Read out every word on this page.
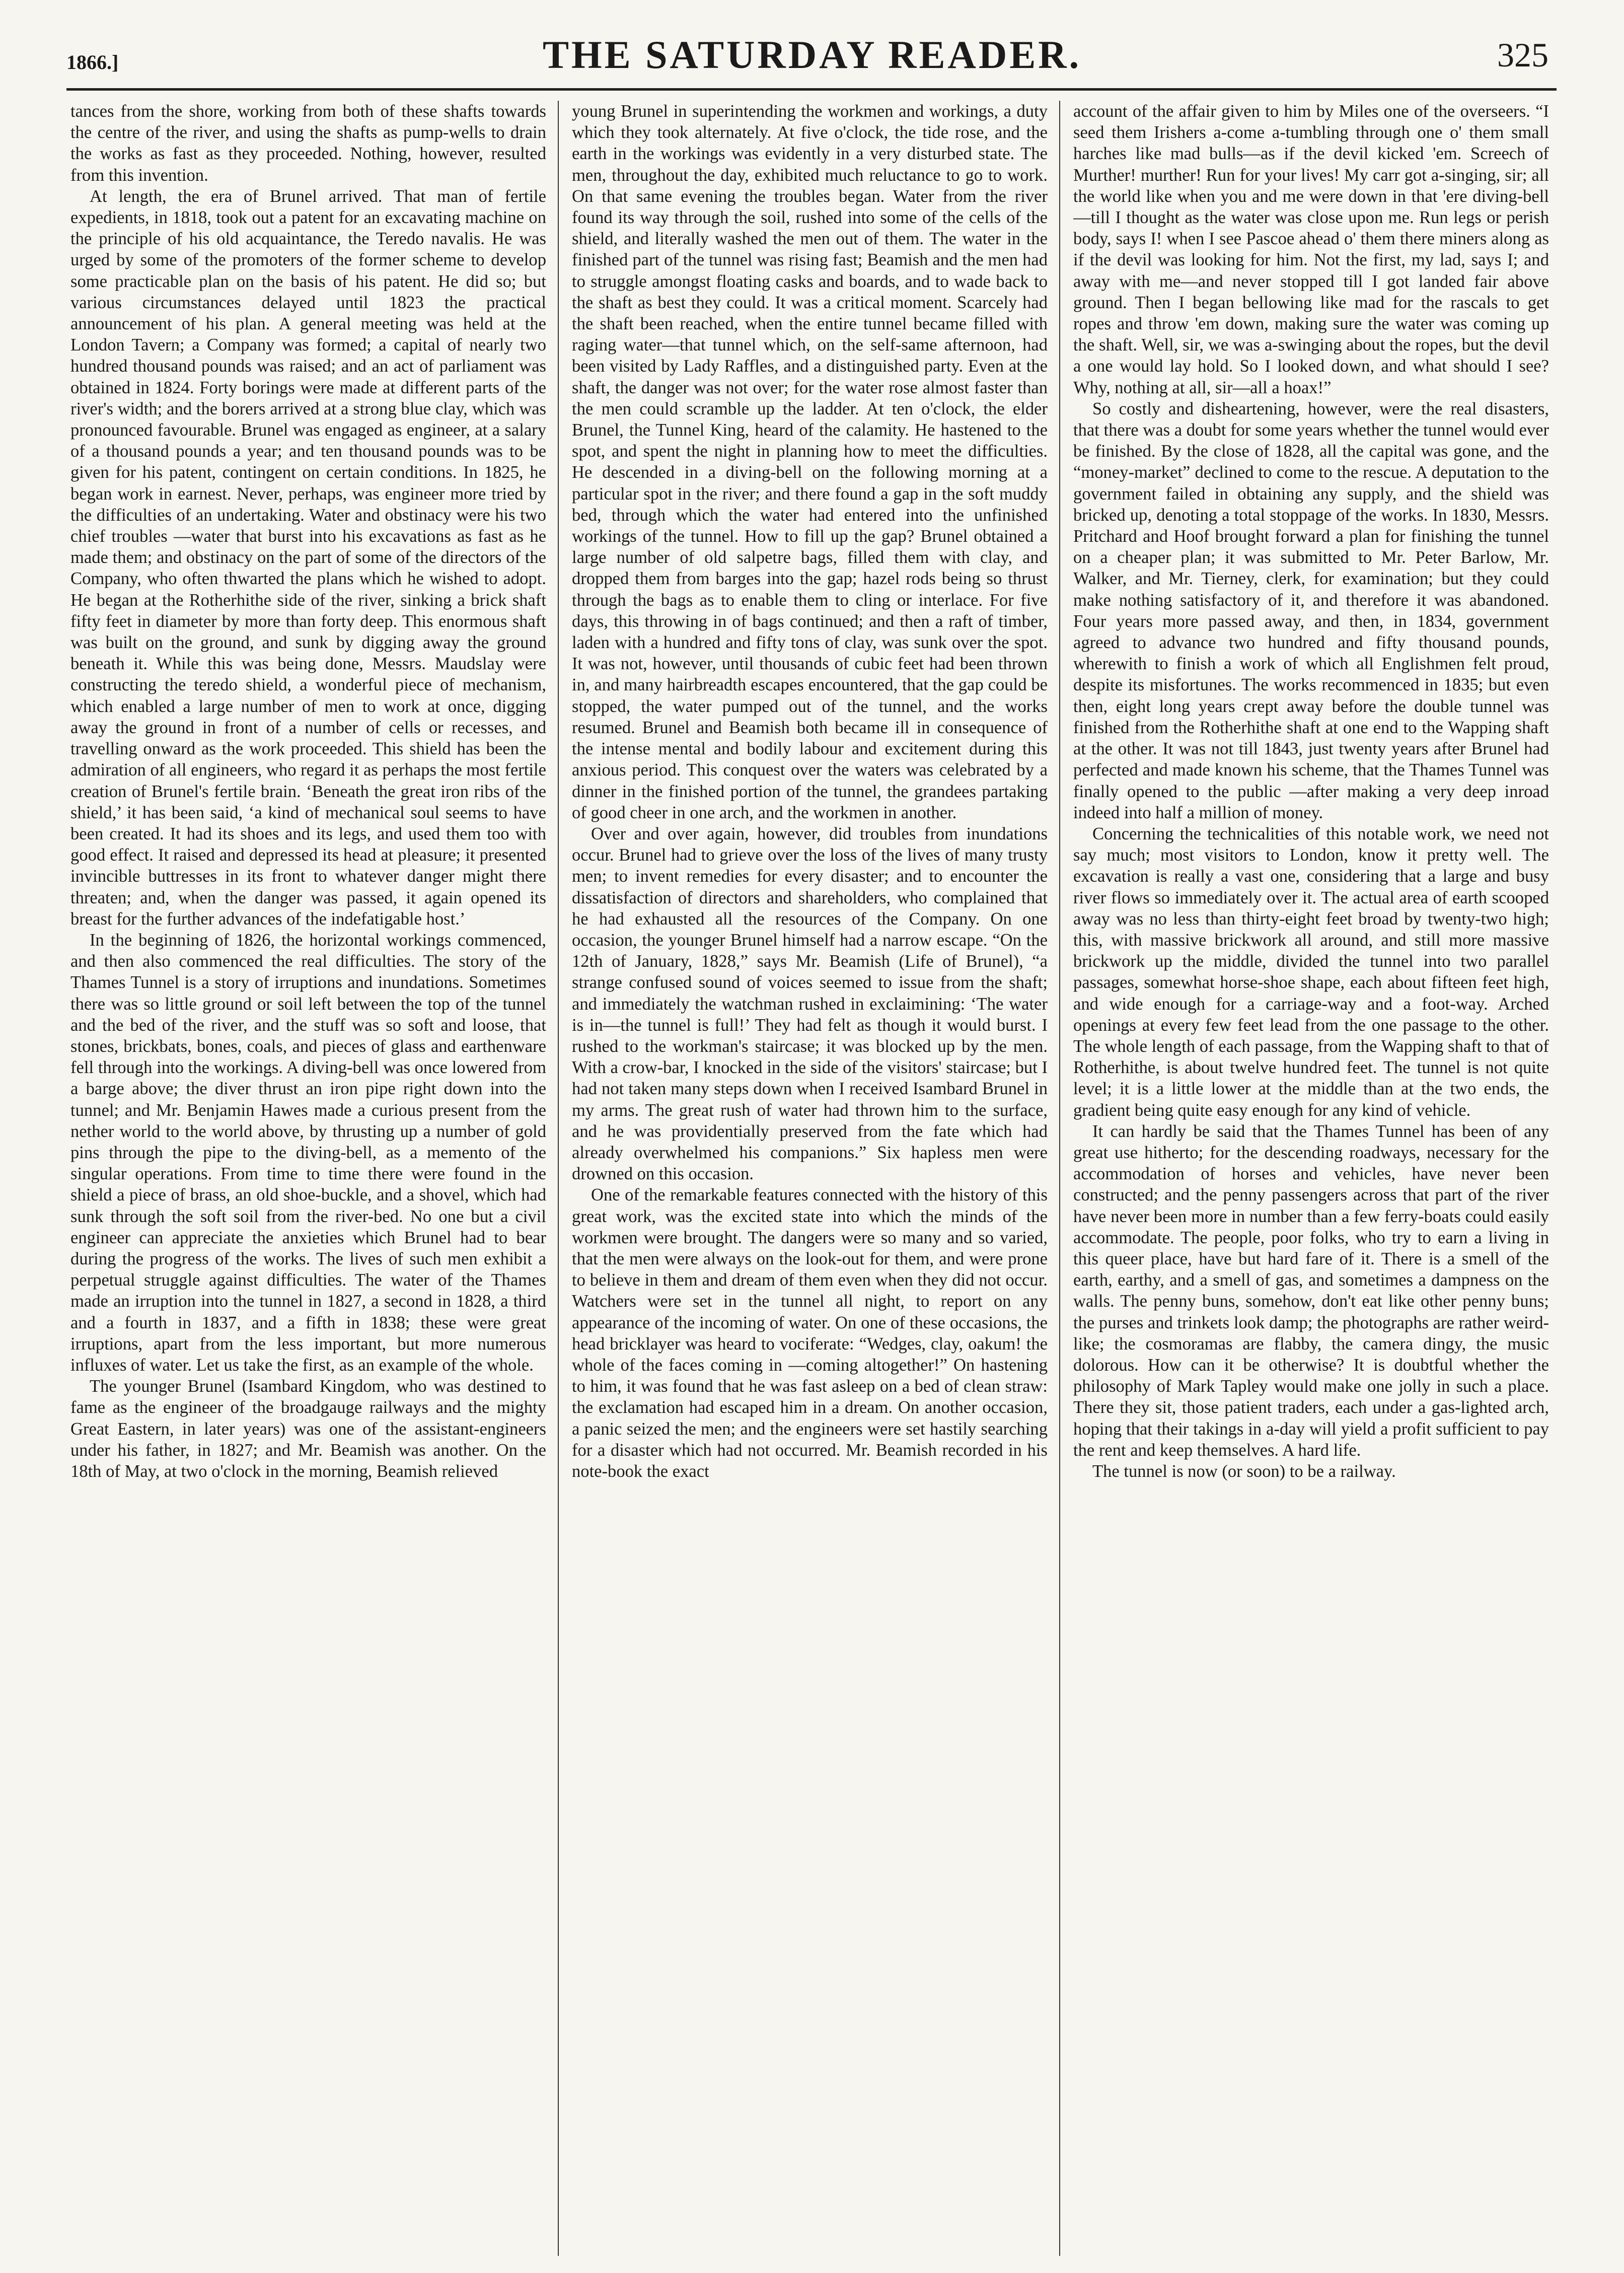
1866.]	THE SATURDAY READER.	325

tances from the shore, working from both of these shafts towards the centre of the river, and using the shafts as pump-wells to drain the works as fast as they proceeded. Nothing, however, resulted from this invention.

At length, the era of Brunel arrived. That man of fertile expedients, in 1818, took out a patent for an excavating machine on the principle of his old acquaintance, the Teredo navalis. He was urged by some of the promoters of the former scheme to develop some practicable plan on the basis of his patent. He did so; but various circumstances delayed until 1823 the practical announcement of his plan. A general meeting was held at the London Tavern; a Company was formed; a capital of nearly two hundred thousand pounds was raised; and an act of parliament was obtained in 1824. Forty borings were made at different parts of the river's width; and the borers arrived at a strong blue clay, which was pronounced favourable. Brunel was engaged as engineer, at a salary of a thousand pounds a year; and ten thousand pounds was to be given for his patent, contingent on certain conditions. In 1825, he began work in earnest. Never, perhaps, was engineer more tried by the difficulties of an undertaking. Water and obstinacy were his two chief troubles —water that burst into his excavations as fast as he made them; and obstinacy on the part of some of the directors of the Company, who often thwarted the plans which he wished to adopt. He began at the Rotherhithe side of the river, sinking a brick shaft fifty feet in diameter by more than forty deep. This enormous shaft was built on the ground, and sunk by digging away the ground beneath it. While this was being done, Messrs. Maudslay were constructing the teredo shield, a wonderful piece of mechanism, which enabled a large number of men to work at once, digging away the ground in front of a number of cells or recesses, and travelling onward as the work proceeded. This shield has been the admiration of all engineers, who regard it as perhaps the most fertile creation of Brunel's fertile brain. ‘Beneath the great iron ribs of the shield,’ it has been said, ‘a kind of mechanical soul seems to have been created. It had its shoes and its legs, and used them too with good effect. It raised and depressed its head at pleasure; it presented invincible buttresses in its front to whatever danger might there threaten; and, when the danger was passed, it again opened its breast for the further advances of the indefatigable host.’

In the beginning of 1826, the horizontal workings commenced, and then also commenced the real difficulties. The story of the Thames Tunnel is a story of irruptions and inundations. Sometimes there was so little ground or soil left between the top of the tunnel and the bed of the river, and the stuff was so soft and loose, that stones, brickbats, bones, coals, and pieces of glass and earthenware fell through into the workings. A diving-bell was once lowered from a barge above; the diver thrust an iron pipe right down into the tunnel; and Mr. Benjamin Hawes made a curious present from the nether world to the world above, by thrusting up a number of gold pins through the pipe to the diving-bell, as a memento of the singular operations. From time to time there were found in the shield a piece of brass, an old shoe-buckle, and a shovel, which had sunk through the soft soil from the river-bed. No one but a civil engineer can appreciate the anxieties which Brunel had to bear during the progress of the works. The lives of such men exhibit a perpetual struggle against difficulties. The water of the Thames made an irruption into the tunnel in 1827, a second in 1828, a third and a fourth in 1837, and a fifth in 1838; these were great irruptions, apart from the less important, but more numerous influxes of water. Let us take the first, as an example of the whole.

The younger Brunel (Isambard Kingdom, who was destined to fame as the engineer of the broadgauge railways and the mighty Great Eastern, in later years) was one of the assistant-engineers under his father, in 1827; and Mr. Beamish was another. On the 18th of May, at two o'clock in the morning, Beamish relieved

young Brunel in superintending the workmen and workings, a duty which they took alternately. At five o'clock, the tide rose, and the earth in the workings was evidently in a very disturbed state. The men, throughout the day, exhibited much reluctance to go to work. On that same evening the troubles began. Water from the river found its way through the soil, rushed into some of the cells of the shield, and literally washed the men out of them. The water in the finished part of the tunnel was rising fast; Beamish and the men had to struggle amongst floating casks and boards, and to wade back to the shaft as best they could. It was a critical moment. Scarcely had the shaft been reached, when the entire tunnel became filled with raging water—that tunnel which, on the self-same afternoon, had been visited by Lady Raffles, and a distinguished party. Even at the shaft, the danger was not over; for the water rose almost faster than the men could scramble up the ladder. At ten o'clock, the elder Brunel, the Tunnel King, heard of the calamity. He hastened to the spot, and spent the night in planning how to meet the difficulties. He descended in a diving-bell on the following morning at a particular spot in the river; and there found a gap in the soft muddy bed, through which the water had entered into the unfinished workings of the tunnel. How to fill up the gap? Brunel obtained a large number of old salpetre bags, filled them with clay, and dropped them from barges into the gap; hazel rods being so thrust through the bags as to enable them to cling or interlace. For five days, this throwing in of bags continued; and then a raft of timber, laden with a hundred and fifty tons of clay, was sunk over the spot. It was not, however, until thousands of cubic feet had been thrown in, and many hairbreadth escapes encountered, that the gap could be stopped, the water pumped out of the tunnel, and the works resumed. Brunel and Beamish both became ill in consequence of the intense mental and bodily labour and excitement during this anxious period. This conquest over the waters was celebrated by a dinner in the finished portion of the tunnel, the grandees partaking of good cheer in one arch, and the workmen in another.

Over and over again, however, did troubles from inundations occur. Brunel had to grieve over the loss of the lives of many trusty men; to invent remedies for every disaster; and to encounter the dissatisfaction of directors and shareholders, who complained that he had exhausted all the resources of the Company. On one occasion, the younger Brunel himself had a narrow escape. “On the 12th of January, 1828,” says Mr. Beamish (Life of Brunel), “a strange confused sound of voices seemed to issue from the shaft; and immediately the watchman rushed in exclaimining: ‘The water is in—the tunnel is full!’ They had felt as though it would burst. I rushed to the workman's staircase; it was blocked up by the men. With a crow-bar, I knocked in the side of the visitors' staircase; but I had not taken many steps down when I received Isambard Brunel in my arms. The great rush of water had thrown him to the surface, and he was providentially preserved from the fate which had already overwhelmed his companions.” Six hapless men were drowned on this occasion.

One of the remarkable features connected with the history of this great work, was the excited state into which the minds of the workmen were brought. The dangers were so many and so varied, that the men were always on the look-out for them, and were prone to believe in them and dream of them even when they did not occur. Watchers were set in the tunnel all night, to report on any appearance of the incoming of water. On one of these occasions, the head bricklayer was heard to vociferate: “Wedges, clay, oakum! the whole of the faces coming in —coming altogether!” On hastening to him, it was found that he was fast asleep on a bed of clean straw: the exclamation had escaped him in a dream. On another occasion, a panic seized the men; and the engineers were set hastily searching for a disaster which had not occurred. Mr. Beamish recorded in his note-book the exact

account of the affair given to him by Miles one of the overseers. “I seed them Irishers a-come a-tumbling through one o' them small harches like mad bulls—as if the devil kicked 'em. Screech of Murther! murther! Run for your lives! My carr got a-singing, sir; all the world like when you and me were down in that 'ere diving-bell—till I thought as the water was close upon me. Run legs or perish body, says I! when I see Pascoe ahead o' them there miners along as if the devil was looking for him. Not the first, my lad, says I; and away with me—and never stopped till I got landed fair above ground. Then I began bellowing like mad for the rascals to get ropes and throw 'em down, making sure the water was coming up the shaft. Well, sir, we was a-swinging about the ropes, but the devil a one would lay hold. So I looked down, and what should I see? Why, nothing at all, sir—all a hoax!”

So costly and disheartening, however, were the real disasters, that there was a doubt for some years whether the tunnel would ever be finished. By the close of 1828, all the capital was gone, and the “money-market” declined to come to the rescue. A deputation to the government failed in obtaining any supply, and the shield was bricked up, denoting a total stoppage of the works. In 1830, Messrs. Pritchard and Hoof brought forward a plan for finishing the tunnel on a cheaper plan; it was submitted to Mr. Peter Barlow, Mr. Walker, and Mr. Tierney, clerk, for examination; but they could make nothing satisfactory of it, and therefore it was abandoned. Four years more passed away, and then, in 1834, government agreed to advance two hundred and fifty thousand pounds, wherewith to finish a work of which all Englishmen felt proud, despite its misfortunes. The works recommenced in 1835; but even then, eight long years crept away before the double tunnel was finished from the Rotherhithe shaft at one end to the Wapping shaft at the other. It was not till 1843, just twenty years after Brunel had perfected and made known his scheme, that the Thames Tunnel was finally opened to the public —after making a very deep inroad indeed into half a million of money.

Concerning the technicalities of this notable work, we need not say much; most visitors to London, know it pretty well. The excavation is really a vast one, considering that a large and busy river flows so immediately over it. The actual area of earth scooped away was no less than thirty-eight feet broad by twenty-two high; this, with massive brickwork all around, and still more massive brickwork up the middle, divided the tunnel into two parallel passages, somewhat horse-shoe shape, each about fifteen feet high, and wide enough for a carriage-way and a foot-way. Arched openings at every few feet lead from the one passage to the other. The whole length of each passage, from the Wapping shaft to that of Rotherhithe, is about twelve hundred feet. The tunnel is not quite level; it is a little lower at the middle than at the two ends, the gradient being quite easy enough for any kind of vehicle.

It can hardly be said that the Thames Tunnel has been of any great use hitherto; for the descending roadways, necessary for the accommodation of horses and vehicles, have never been constructed; and the penny passengers across that part of the river have never been more in number than a few ferry-boats could easily accommodate. The people, poor folks, who try to earn a living in this queer place, have but hard fare of it. There is a smell of the earth, earthy, and a smell of gas, and sometimes a dampness on the walls. The penny buns, somehow, don't eat like other penny buns; the purses and trinkets look damp; the photographs are rather weird-like; the cosmoramas are flabby, the camera dingy, the music dolorous. How can it be otherwise? It is doubtful whether the philosophy of Mark Tapley would make one jolly in such a place. There they sit, those patient traders, each under a gas-lighted arch, hoping that their takings in a-day will yield a profit sufficient to pay the rent and keep themselves. A hard life.

The tunnel is now (or soon) to be a railway.
